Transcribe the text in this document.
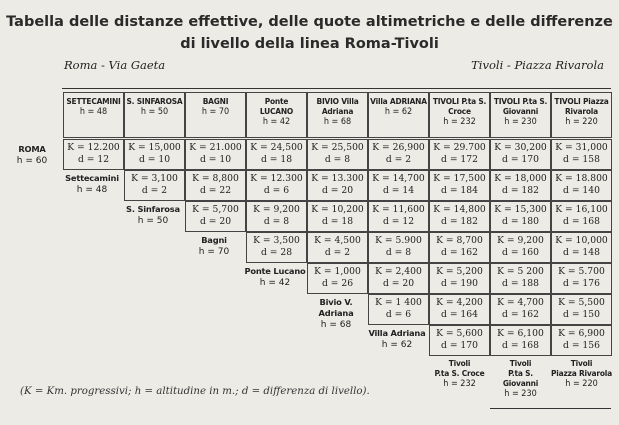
Tabella delle distanze effettive, delle quote altimetriche e delle differenze
di livello della linea Roma-Tivoli
Roma - Via Gaeta	Tivoli - Piazza Rivarola
SETTECAMINI
h = 48
S. SINFAROSA
h = 50
BAGNI
h = 70
Ponte LUCANO
h = 42
BIVIO Villa Adriana
h = 68
Villa ADRIANA
h = 62
TIVOLI P.ta S. Croce
h = 232
TIVOLI P.ta S. Giovanni
h = 230
TIVOLI Piazza Rivarola
h = 220
ROMA
h = 60
K = 12.200
d = 12
K = 15,000
d = 10
K = 21.000
d = 10
K = 24,500
d = 18
K = 25,500
d = 8
K = 26,900
d = 2
K = 29.700
d = 172
K = 30,200
d = 170
K = 31,000
d = 158
K = 3,100
d = 2
K = 8,800
d = 22
K = 12.300
d = 6
K = 13.300
d = 20
K = 14,700
d = 14
K = 17,500
d = 184
K = 18,000
d = 182
K = 18.800
d = 140
Settecamini
h = 48
K = 5,700
d = 20
K = 9,200
d = 8
K = 10,200
d = 18
K = 11,600
d = 12
K = 14,800
d = 182
K = 15,300
d = 180
K = 16,100
d = 168
S. Sinfarosa
h = 50
K = 3,500
d = 28
K = 4,500
d = 2
K = 5.900
d = 8
K = 8,700
d = 162
K = 9,200
d = 160
K = 10,000
d = 148
Bagni
h = 70
K = 1,000
d = 26
K = 2,400
d = 20
K = 5,200
d = 190
K = 5 200
d = 188
K = 5.700
d = 176
Ponte Lucano
h = 42
K = 1 400
d = 6
K = 4,200
d = 164
K = 4,700
d = 162
K = 5,500
d = 150
Bivio V. Adriana
h = 68
K = 5,600
d = 170
K = 6,100
d = 168
K = 6,900
d = 156
Villa Adriana
h = 62
Tivoli
P.ta S. Croce
h = 232
Tivoli
P.ta S. Giovanni
h = 230
Tivoli
Piazza Rivarola
h = 220
(K = Km. progressivi; h = altitudine in m.; d = differenza di livello).
